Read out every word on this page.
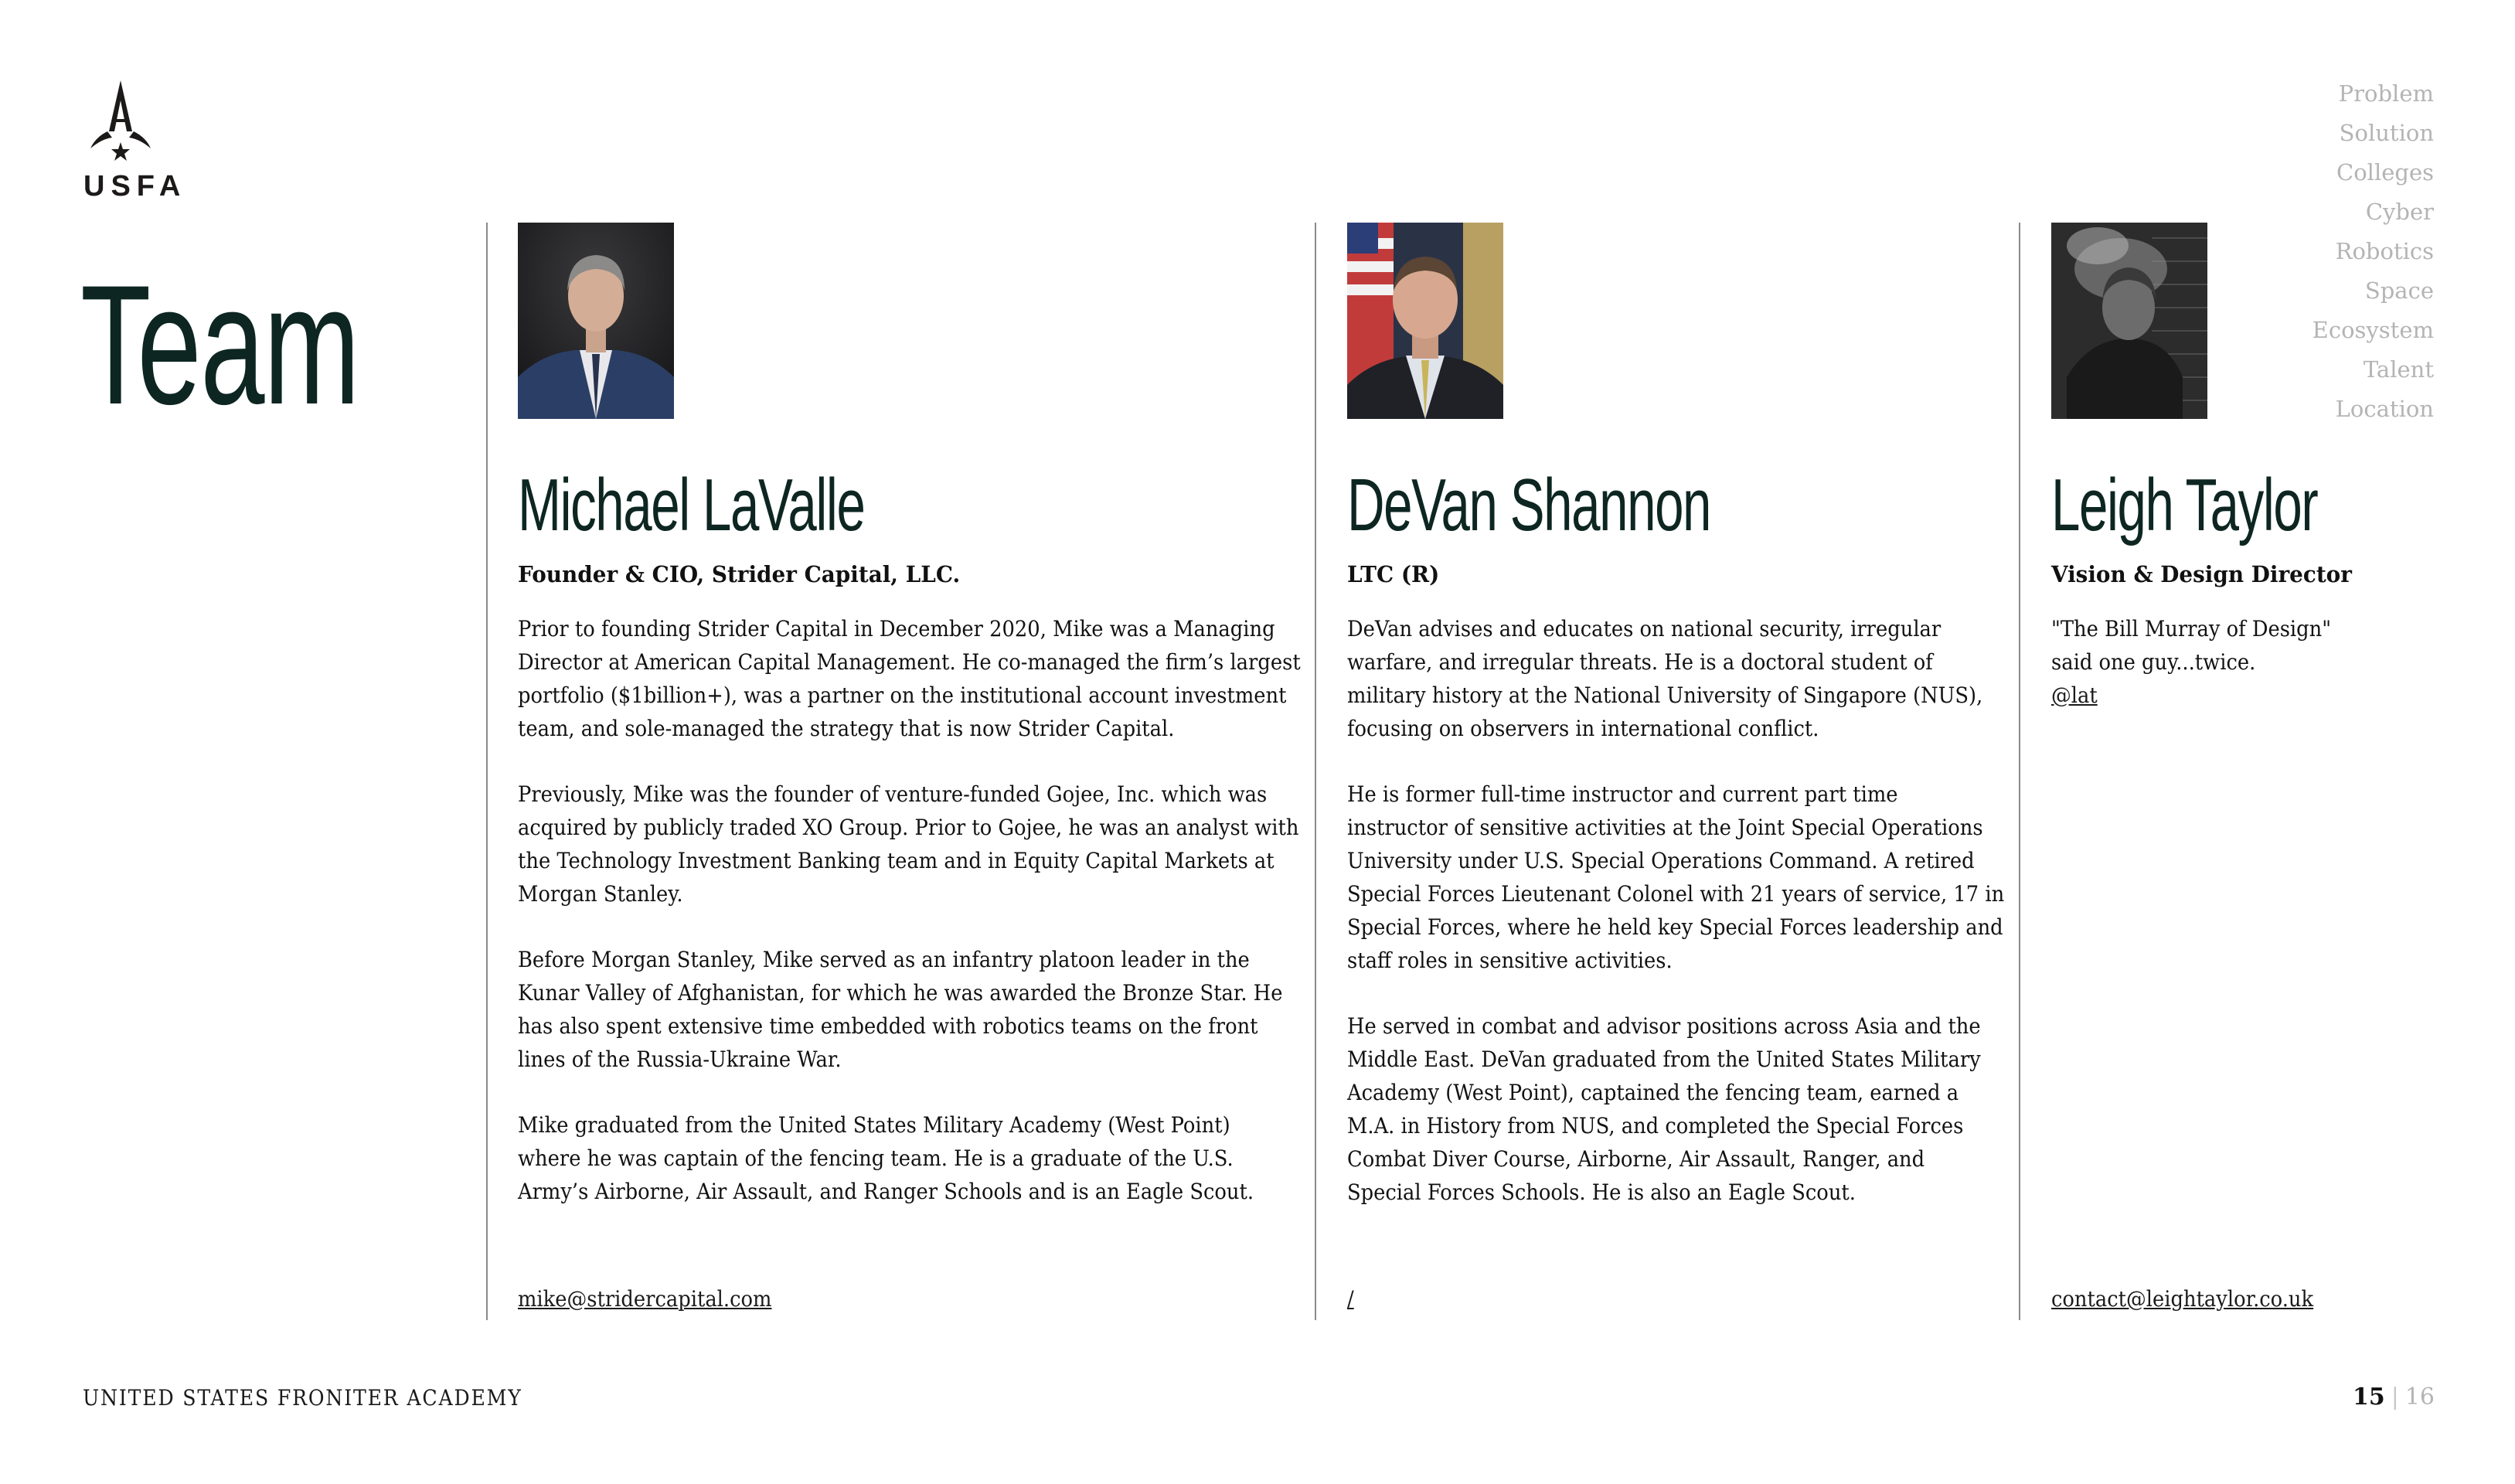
USFA
Team
Problem
Solution
Colleges
Cyber
Robotics
Space
Ecosystem
Talent
Location
Michael LaValle
Founder & CIO, Strider Capital, LLC.

Prior to founding Strider Capital in December 2020, Mike was a Managing
Director at American Capital Management. He co-managed the firm’s largest
portfolio ($1billion+), was a partner on the institutional account investment
team, and sole-managed the strategy that is now Strider Capital.

Previously, Mike was the founder of venture-funded Gojee, Inc. which was
acquired by publicly traded XO Group. Prior to Gojee, he was an analyst with
the Technology Investment Banking team and in Equity Capital Markets at
Morgan Stanley.

Before Morgan Stanley, Mike served as an infantry platoon leader in the
Kunar Valley of Afghanistan, for which he was awarded the Bronze Star. He
has also spent extensive time embedded with robotics teams on the front
lines of the Russia-Ukraine War.

Mike graduated from the United States Military Academy (West Point)
where he was captain of the fencing team. He is a graduate of the U.S.
Army’s Airborne, Air Assault, and Ranger Schools and is an Eagle Scout.

mike@stridercapital.com
DeVan Shannon
LTC (R)

DeVan advises and educates on national security, irregular
warfare, and irregular threats. He is a doctoral student of
military history at the National University of Singapore (NUS),
focusing on observers in international conflict.

He is former full-time instructor and current part time
instructor of sensitive activities at the Joint Special Operations
University under U.S. Special Operations Command. A retired
Special Forces Lieutenant Colonel with 21 years of service, 17 in
Special Forces, where he held key Special Forces leadership and
staff roles in sensitive activities.

He served in combat and advisor positions across Asia and the
Middle East. DeVan graduated from the United States Military
Academy (West Point), captained the fencing team, earned a
M.A. in History from NUS, and completed the Special Forces
Combat Diver Course, Airborne, Air Assault, Ranger, and
Special Forces Schools. He is also an Eagle Scout.

/
Leigh Taylor
Vision & Design Director

"The Bill Murray of Design"
said one guy...twice.
@lat

contact@leightaylor.co.uk
UNITED STATES FRONITER ACADEMY	15 | 16
